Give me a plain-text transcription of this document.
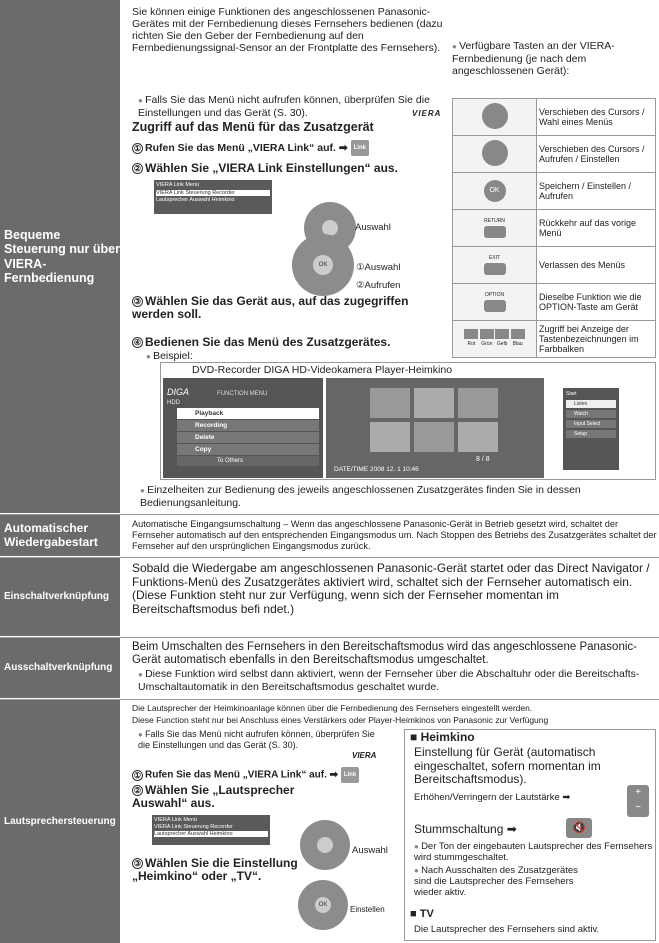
Bequeme Steuerung nur über VIERA-Fernbedienung
Automatischer Wiedergabestart
Einschaltverknüpfung
Ausschaltverknüpfung
Lautsprechersteuerung
Sie können einige Funktionen des angeschlossenen Panasonic-Gerätes mit der Fernbedienung dieses Fernsehers bedienen (dazu richten Sie den Geber der Fernbedienung auf den Fernbedienungssignal-Sensor an der Frontplatte des Fernsehers).
● Falls Sie das Menü nicht aufrufen können, überprüfen Sie die Einstellungen und das Gerät (S. 30).
Zugriff auf das Menü für das Zusatzgerät
VIERA
① Rufen Sie das Menü „VIERA Link“ auf. ➡ Link
② Wählen Sie „VIERA Link Einstellungen“ aus.
VIERA Link Menü
VIERA Link Steuerung Recorder
Lautsprecher Auswahl Heimkino
Auswahl
OK	①Auswahl
②Aufrufen
③ Wählen Sie das Gerät aus, auf das zugegriffen werden soll.
④ Bedienen Sie das Menü des Zusatzgerätes.
● Beispiel:
● Verfügbare Tasten an der VIERA-Fernbedienung (je nach dem angeschlossenen Gerät):
	Verschieben des Cursors / Wahl eines Menüs
	Verschieben des Cursors / Aufrufen / Einstellen
OK	Speichern / Einstellen / Aufrufen

RETURN	Rückkehr auf das vorige Menü

EXIT	Verlassen des Menüs

OPTION	Dieselbe Funktion wie die OPTION-Taste am Gerät

Rot Grün Gelb Blau	Zugriff bei Anzeige der Tastenbezeichnungen im Farbbalken
DVD-Recorder DIGA HD-Videokamera Player-Heimkino
DIGA	FUNCTION MENU
HDD
Playback
Recording
Delete
Copy
To Others	8 / 8
DATE/TIME 2008 12. 1 10:46
Start
Listen
Watch
Input Select
Setup
● Einzelheiten zur Bedienung des jeweils angeschlossenen Zusatzgerätes finden Sie in dessen Bedienungsanleitung.
Automatische Eingangsumschaltung – Wenn das angeschlossene Panasonic-Gerät in Betrieb gesetzt wird, schaltet der Fernseher automatisch auf den entsprechenden Eingangsmodus um. Nach Stoppen des Betriebs des Zusatzgerätes schaltet der Fernseher auf den ursprünglichen Eingangsmodus zurück.
Sobald die Wiedergabe am angeschlossenen Panasonic-Gerät startet oder das Direct Navigator / Funktions-Menü des Zusatzgerätes aktiviert wird, schaltet sich der Fernseher automatisch ein. (Diese Funktion steht nur zur Verfügung, wenn sich der Fernseher momentan im Bereitschaftsmodus befi ndet.)
Beim Umschalten des Fernsehers in den Bereitschaftsmodus wird das angeschlossene Panasonic-Gerät automatisch ebenfalls in den Bereitschaftsmodus umgeschaltet.
● Diese Funktion wird selbst dann aktiviert, wenn der Fernseher über die Abschaltuhr oder die Bereitschafts-Umschaltautomatik in den Bereitschaftsmodus geschaltet wurde.
Die Lautsprecher der Heimkinoanlage können über die Fernbedienung des Fernsehers eingestellt werden.
Diese Function steht nur bei Anschluss eines Verstärkers oder Player-Heimkinos von Panasonic zur Verfügung
● Falls Sie das Menü nicht aufrufen können, überprüfen Sie die Einstellungen und das Gerät (S. 30).
VIERA
① Rufen Sie das Menü „VIERA Link“ auf. ➡ Link
② Wählen Sie „Lautsprecher Auswahl“ aus.
VIERA Link Menü
VIERA Link Steuerung Recorder
Lautsprecher Auswahl Heimkino
Auswahl
③ Wählen Sie die Einstellung „Heimkino“ oder „TV“.
OK	Einstellen
■ Heimkino
Einstellung für Gerät (automatisch eingeschaltet, sofern momentan im Bereitschaftsmodus).
Erhöhen/Verringern der Lautstärke ➡	+
−
Stummschaltung ➡	🔇
● Der Ton der eingebauten Lautsprecher des Fernsehers wird stummgeschaltet.
● Nach Ausschalten des Zusatzgerätes sind die Lautsprecher des Fernsehers wieder aktiv.
■ TV
Die Lautsprecher des Fernsehers sind aktiv.
